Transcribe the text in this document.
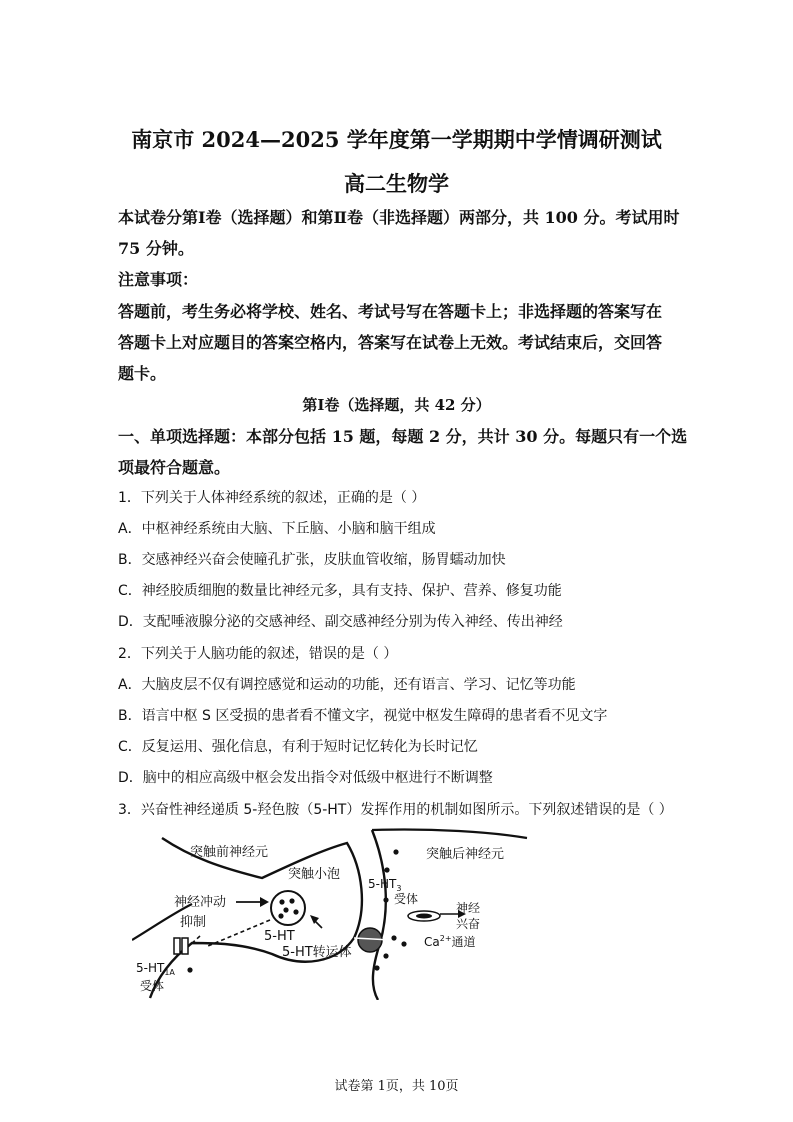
南京市 2024—2025 学年度第一学期期中学情调研测试
高二生物学
本试卷分第Ⅰ卷（选择题）和第Ⅱ卷（非选择题）两部分，共 100 分。考试用时
75 分钟。
注意事项：
答题前，考生务必将学校、姓名、考试号写在答题卡上；非选择题的答案写在
答题卡上对应题目的答案空格内，答案写在试卷上无效。考试结束后，交回答
题卡。
第Ⅰ卷（选择题，共 42 分）
一、单项选择题：本部分包括 15 题，每题 2 分，共计 30 分。每题只有一个选
项最符合题意。
1．下列关于人体神经系统的叙述，正确的是（ ）
A．中枢神经系统由大脑、下丘脑、小脑和脑干组成
B．交感神经兴奋会使瞳孔扩张，皮肤血管收缩，肠胃蠕动加快
C．神经胶质细胞的数量比神经元多，具有支持、保护、营养、修复功能
D．支配唾液腺分泌的交感神经、副交感神经分别为传入神经、传出神经
2．下列关于人脑功能的叙述，错误的是（ ）
A．大脑皮层不仅有调控感觉和运动的功能，还有语言、学习、记忆等功能
B．语言中枢 S 区受损的患者看不懂文字，视觉中枢发生障碍的患者看不见文字
C．反复运用、强化信息，有利于短时记忆转化为长时记忆
D．脑中的相应高级中枢会发出指令对低级中枢进行不断调整
3．兴奋性神经递质 5-羟色胺（5-HT）发挥作用的机制如图所示。下列叙述错误的是（ ）
突触前神经元	突触后神经元
突触小泡
5-HT
神经冲动
抑制
$5-HT_{1A}$
受体
5-HT转运体
$5-HT_3$
受体
神经
兴奋
$Ca^{2+}$通道
试卷第 1页，共 10页
